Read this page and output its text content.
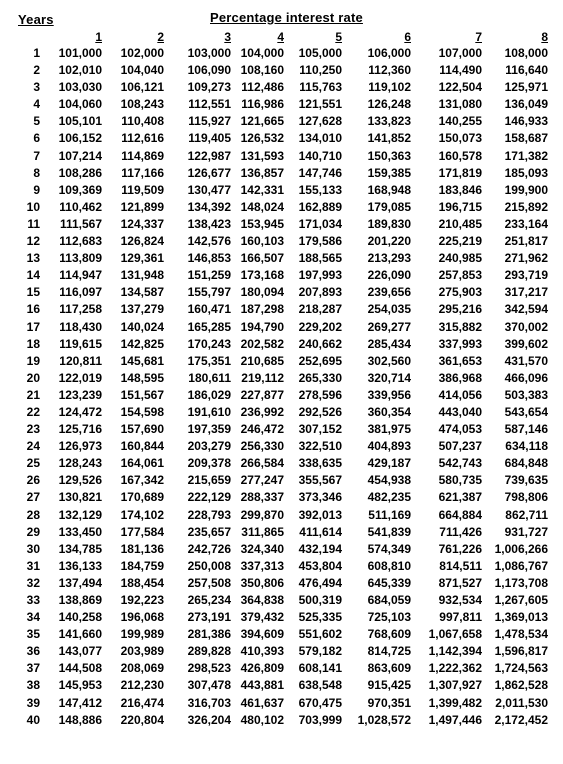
Years	Percentage interest rate
	1	2	3	4	5	6	7	8
1	101,000	102,000	103,000	104,000	105,000	106,000	107,000	108,000
2	102,010	104,040	106,090	108,160	110,250	112,360	114,490	116,640
3	103,030	106,121	109,273	112,486	115,763	119,102	122,504	125,971
4	104,060	108,243	112,551	116,986	121,551	126,248	131,080	136,049
5	105,101	110,408	115,927	121,665	127,628	133,823	140,255	146,933
6	106,152	112,616	119,405	126,532	134,010	141,852	150,073	158,687
7	107,214	114,869	122,987	131,593	140,710	150,363	160,578	171,382
8	108,286	117,166	126,677	136,857	147,746	159,385	171,819	185,093
9	109,369	119,509	130,477	142,331	155,133	168,948	183,846	199,900
10	110,462	121,899	134,392	148,024	162,889	179,085	196,715	215,892
11	111,567	124,337	138,423	153,945	171,034	189,830	210,485	233,164
12	112,683	126,824	142,576	160,103	179,586	201,220	225,219	251,817
13	113,809	129,361	146,853	166,507	188,565	213,293	240,985	271,962
14	114,947	131,948	151,259	173,168	197,993	226,090	257,853	293,719
15	116,097	134,587	155,797	180,094	207,893	239,656	275,903	317,217
16	117,258	137,279	160,471	187,298	218,287	254,035	295,216	342,594
17	118,430	140,024	165,285	194,790	229,202	269,277	315,882	370,002
18	119,615	142,825	170,243	202,582	240,662	285,434	337,993	399,602
19	120,811	145,681	175,351	210,685	252,695	302,560	361,653	431,570
20	122,019	148,595	180,611	219,112	265,330	320,714	386,968	466,096
21	123,239	151,567	186,029	227,877	278,596	339,956	414,056	503,383
22	124,472	154,598	191,610	236,992	292,526	360,354	443,040	543,654
23	125,716	157,690	197,359	246,472	307,152	381,975	474,053	587,146
24	126,973	160,844	203,279	256,330	322,510	404,893	507,237	634,118
25	128,243	164,061	209,378	266,584	338,635	429,187	542,743	684,848
26	129,526	167,342	215,659	277,247	355,567	454,938	580,735	739,635
27	130,821	170,689	222,129	288,337	373,346	482,235	621,387	798,806
28	132,129	174,102	228,793	299,870	392,013	511,169	664,884	862,711
29	133,450	177,584	235,657	311,865	411,614	541,839	711,426	931,727
30	134,785	181,136	242,726	324,340	432,194	574,349	761,226	1,006,266
31	136,133	184,759	250,008	337,313	453,804	608,810	814,511	1,086,767
32	137,494	188,454	257,508	350,806	476,494	645,339	871,527	1,173,708
33	138,869	192,223	265,234	364,838	500,319	684,059	932,534	1,267,605
34	140,258	196,068	273,191	379,432	525,335	725,103	997,811	1,369,013
35	141,660	199,989	281,386	394,609	551,602	768,609	1,067,658	1,478,534
36	143,077	203,989	289,828	410,393	579,182	814,725	1,142,394	1,596,817
37	144,508	208,069	298,523	426,809	608,141	863,609	1,222,362	1,724,563
38	145,953	212,230	307,478	443,881	638,548	915,425	1,307,927	1,862,528
39	147,412	216,474	316,703	461,637	670,475	970,351	1,399,482	2,011,530
40	148,886	220,804	326,204	480,102	703,999	1,028,572	1,497,446	2,172,452
